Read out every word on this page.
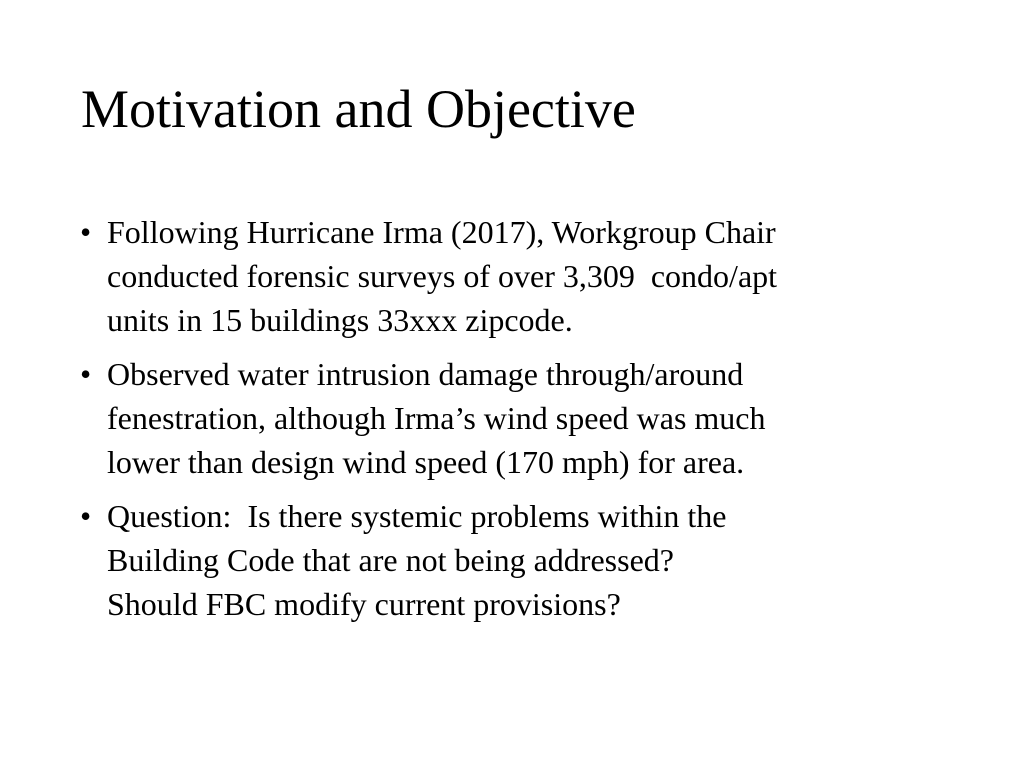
Motivation and Objective
• Following Hurricane Irma (2017), Workgroup Chair
conducted forensic surveys of over 3,309  condo/apt
units in 15 buildings 33xxx zipcode.
• Observed water intrusion damage through/around
fenestration, although Irma’s wind speed was much
lower than design wind speed (170 mph) for area.
• Question:  Is there systemic problems within the
Building Code that are not being addressed?
Should FBC modify current provisions?
